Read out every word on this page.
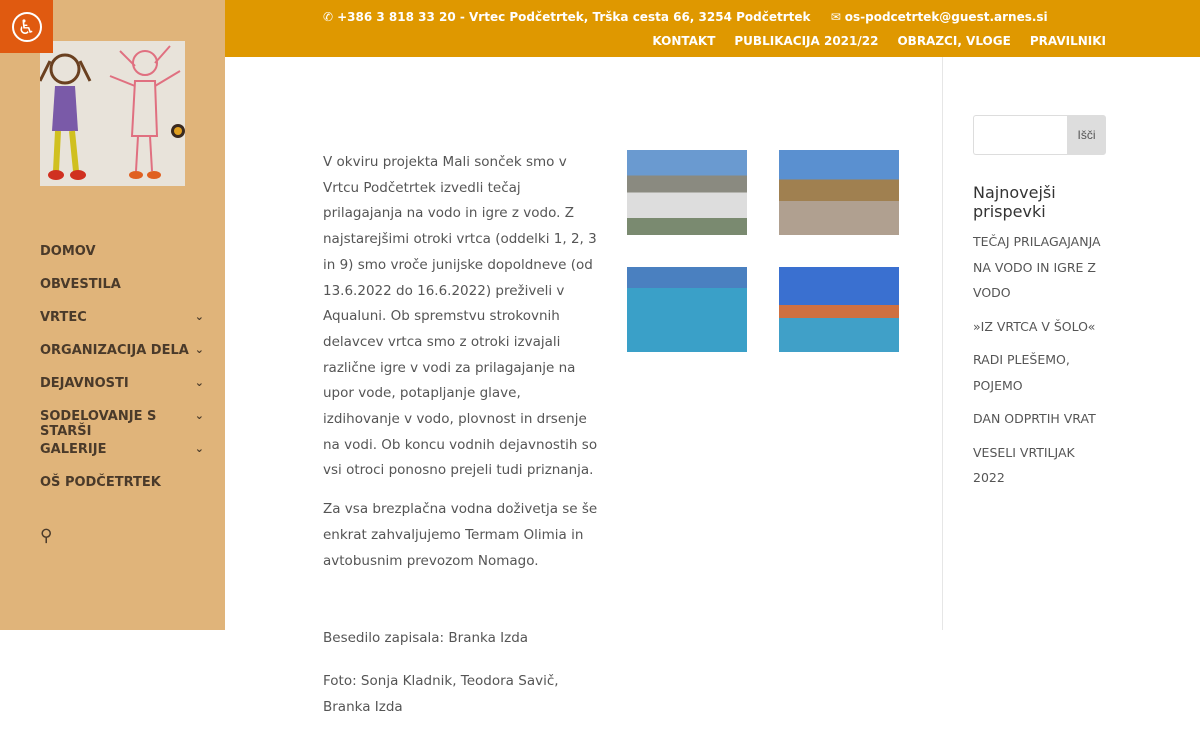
DOMOV
OBVESTILA
VRTEC	⌄
ORGANIZACIJA DELA ⌄
DEJAVNOSTI	⌄
SODELOVANJE S STARŠI
⌄
GALERIJE	⌄
OŠ PODČETRTEK
⚲
♿	✆ +386 3 818 33 20 - Vrtec Podčetrtek, Trška cesta 66, 3254 Podčetrtek ✉ os-podcetrtek@guest.arnes.si
KONTAKT PUBLIKACIJA 2021/22 OBRAZCI, VLOGE PRAVILNIKI

V okviru projekta Mali sonček smo v Vrtcu Podčetrtek izvedli tečaj prilagajanja na vodo in igre z vodo. Z najstarejšimi otroki vrtca (oddelki 1, 2, 3 in 9) smo vroče junijske dopoldneve (od 13.6.2022 do 16.6.2022) preživeli v Aqualuni. Ob spremstvu strokovnih delavcev vrtca smo z otroki izvajali različne igre v vodi za prilagajanje na upor vode, potapljanje glave, izdihovanje v vodo, plovnost in drsenje na vodi. Ob koncu vodnih dejavnostih so vsi otroci ponosno prejeli tudi priznanja.

Za vsa brezplačna vodna doživetja se še enkrat zahvaljujemo Termam Olimia in avtobusnim prevozom Nomago.

Besedilo zapisala: Branka Izda

Foto: Sonja Kladnik, Teodora Savič, Branka Izda

Išči
Najnovejši prispevki
TEČAJ PRILAGAJANJA NA VODO IN IGRE Z VODO
»IZ VRTCA V ŠOLO«
RADI PLEŠEMO, POJEMO
DAN ODPRTIH VRAT
VESELI VRTILJAK 2022
